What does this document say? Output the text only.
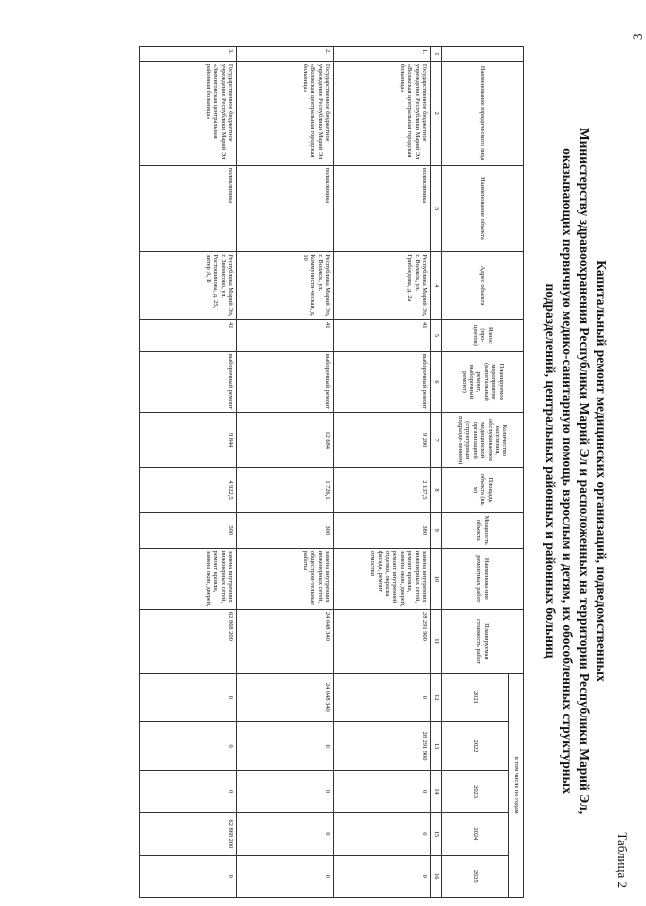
3
Таблица 2
Капитальный ремонт медицинских организаций, подведомственных
Министерству здравоохранения Республики Марий Эл и расположенных на территории Республики Марий Эл,
оказывающих первичную медико-санитарную помощь взрослым и детям, их обособленных структурных
подразделений, центральных районных и районных больниц
	Наименование юридического лица	Наименование объекта	Адрес объекта	Износ (про-центов)	Планируемое мероприятие (капитальный ремонт, выборочный ремонт)	Количество населения, обслуживаемое медицинской организацией (структурным подразде-лением)	Площадь объекта (кв. м)	Мощность объекта	Наименова-ние ремонтных работ	Планируемая стоимость работ	в том числе по годам				
											2021	2022	2023	2024	2025
1	2	3	4	5	6	7	8	9	10	11	12	13	14	15	16
1.	Государственное бюджетное учреждение Республики Марий Эл «Волжская центральная городская больница»	поликлиника	Республика Марий Эл, г. Волжск, ул. Грибоедова, д. 2а	41	выборочный ремонт	9 200	2 137,5	380	замена внутренних инженерных сетей, ремонт кровли, замена окон, дверей, ремонт внутренней отделки, окраска фасада, ремонт отмостки	28 291 900	0	28 291 900	0	0	0
2.	Государственное бюджетное учреждение Республики Марий Эл «Волжская центральная городская больница»	поликлиника	Республика Марий Эл, г. Волжск, ул. Коммунисти-ческая, д. 10	41	выборочный ремонт	12 684	1 726,1	300	замена внутренних инженерных сетей, общестрои-тельные работы	24 048 340	24 048 340	0	0	0	0
3.	Государственное бюджетное учреждение Республики Марий Эл «Звениговская центральная районная больница»	поликлиника	Республика Марий Эл, г. Звенигово, ул. Ростошинова, д. 25, литер А, Б	41	выборочный ремонт	9 844	4 922,5	500	замена внутренних инженерных сетей, ремонт кровли, замена окон, дверей,	62 868 200	0	0	0	62 868 200	0
